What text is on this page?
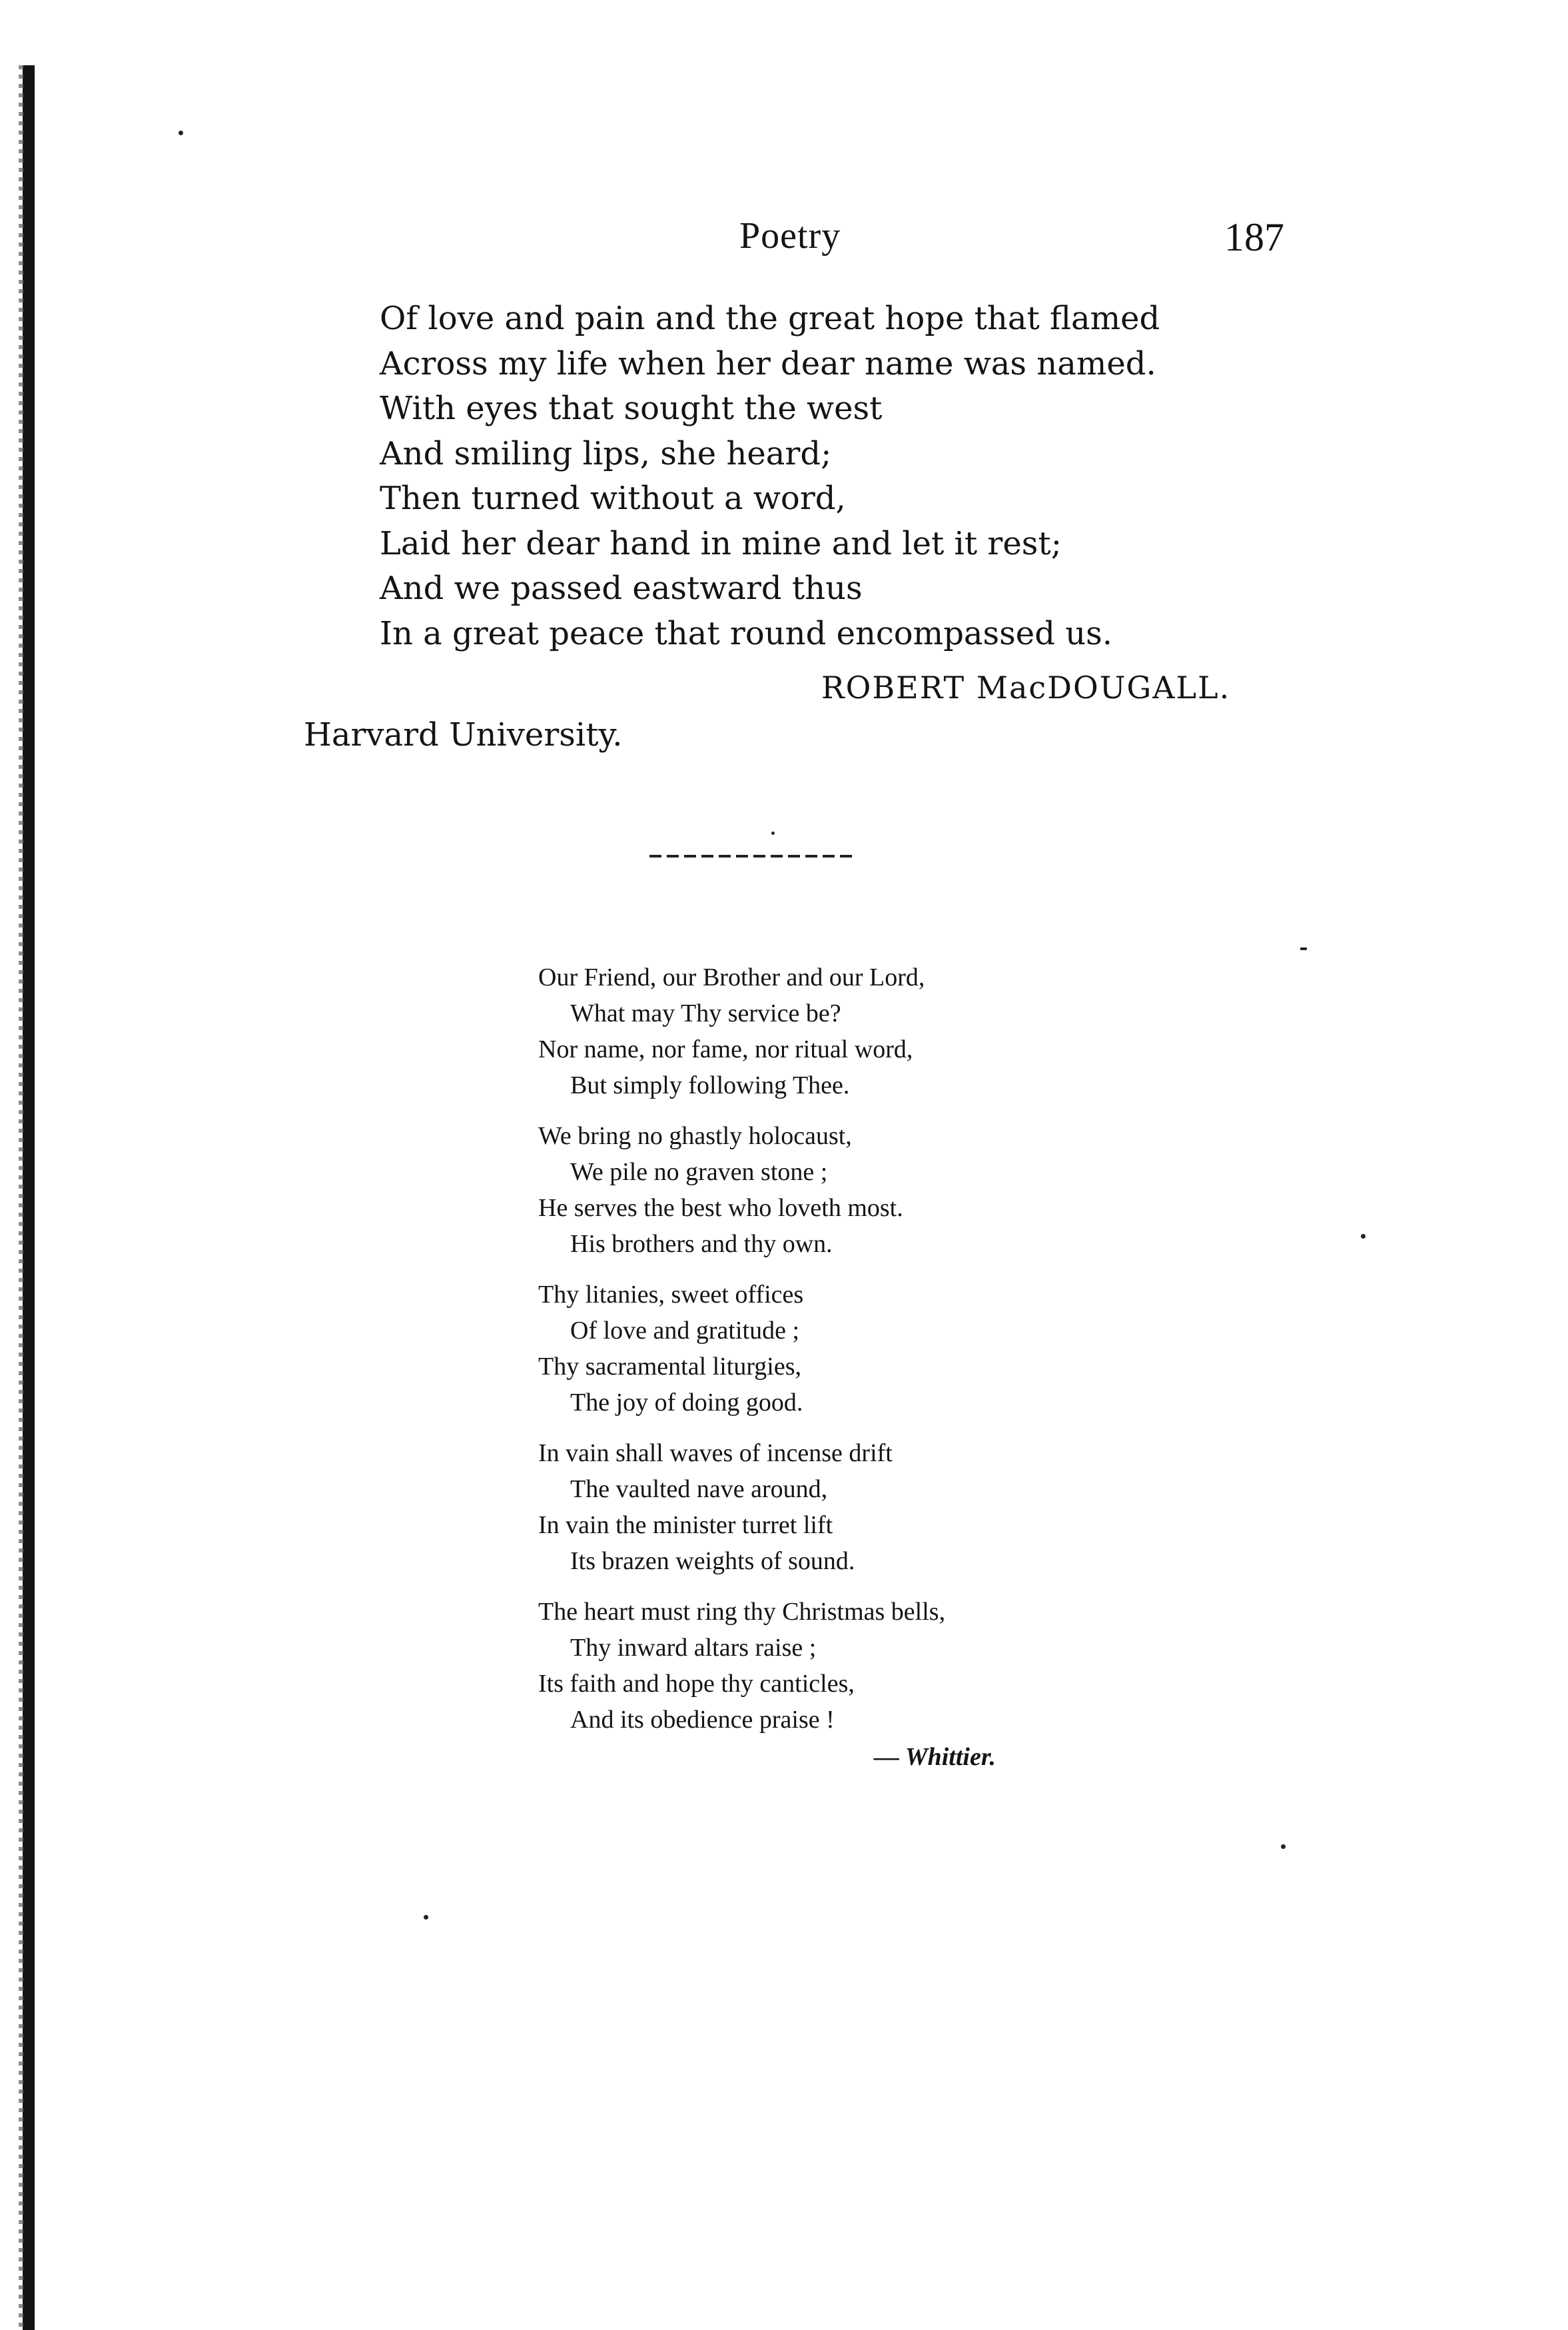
Poetry	187
Of love and pain and the great hope that flamed
Across my life when her dear name was named.
With eyes that sought the west
And smiling lips, she heard;
Then turned without a word,
Laid her dear hand in mine and let it rest;
And we passed eastward thus
In a great peace that round encompassed us.
ROBERT MacDOUGALL.
Harvard University.
Our Friend, our Brother and our Lord,
What may Thy service be?
Nor name, nor fame, nor ritual word,
But simply following Thee.
We bring no ghastly holocaust,
We pile no graven stone ;
He serves the best who loveth most.
His brothers and thy own.
Thy litanies, sweet offices
Of love and gratitude ;
Thy sacramental liturgies,
The joy of doing good.
In vain shall waves of incense drift
The vaulted nave around,
In vain the minister turret lift
Its brazen weights of sound.
The heart must ring thy Christmas bells,
Thy inward altars raise ;
Its faith and hope thy canticles,
And its obedience praise !
— Whittier.
